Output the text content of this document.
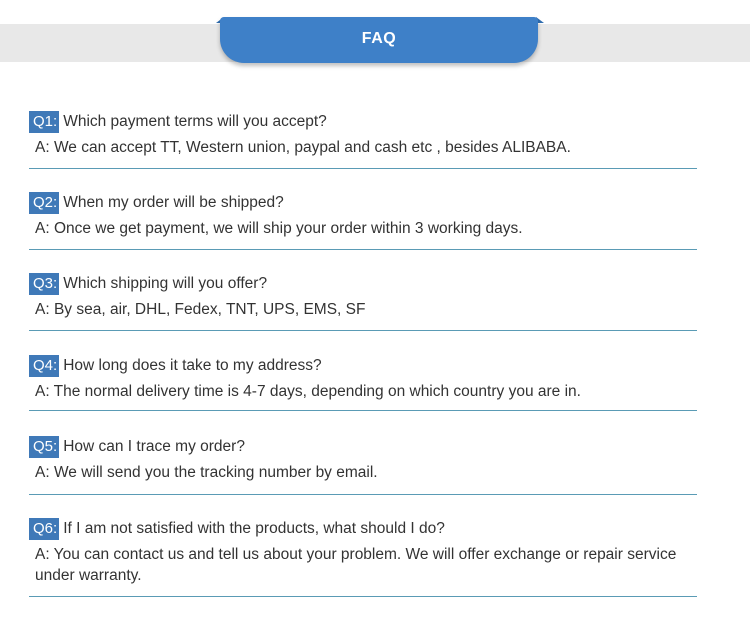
FAQ
Q1: Which payment terms will you accept?
A: We can accept TT, Western union, paypal and cash etc , besides ALIBABA.
Q2: When my order will be shipped?
A: Once we get payment, we will ship your order within 3 working days.
Q3: Which shipping will you offer?
A: By sea, air, DHL, Fedex, TNT, UPS, EMS, SF
Q4: How long does it take to my address?
A: The normal delivery time is 4-7 days, depending on which country you are in.
Q5: How can I trace my order?
A: We will send you the tracking number by email.
Q6: If I am not satisfied with the products, what should I do?
A: You can contact us and tell us about your problem. We will offer exchange or repair service under warranty.
